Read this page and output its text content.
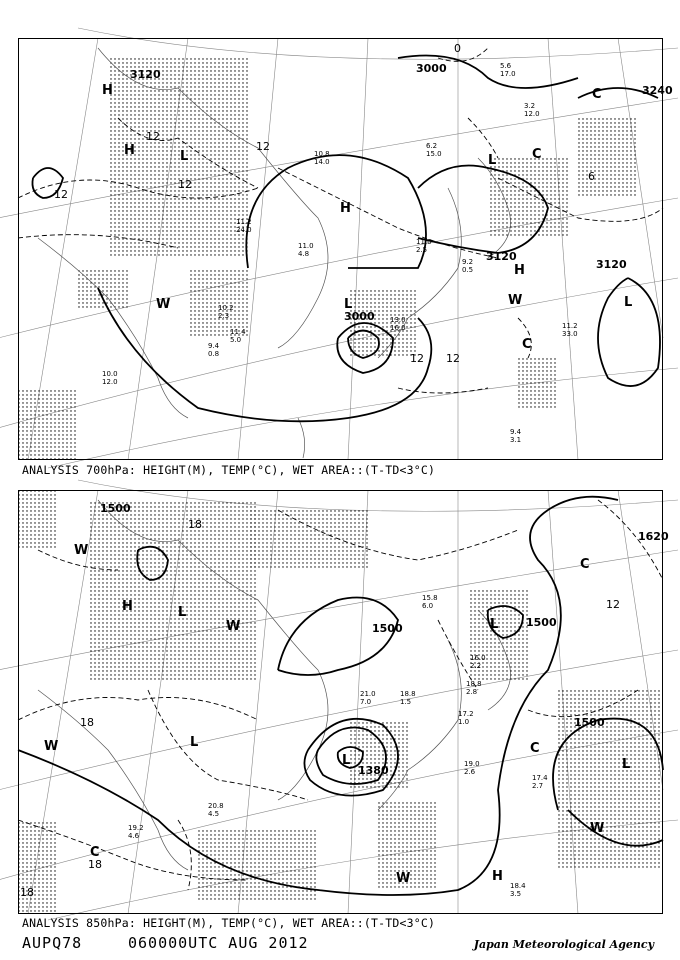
3120
3120
3120
3000
3000
3240
12
12
12
12
12 12
6
0
H
H
H
H
L	L
L	L
W	W
C
C
C
10.8
14.0
11.2
24.0
11.0
4.8
13.0
16.0
11.4
5.0
11.2
33.0
9.4
3.1
10.0
12.0
9.2
0.5
6.2
15.0
11.0
2.5
10.2
2.3
9.4
0.8
5.6
17.0
3.2
12.0
ANALYSIS 700hPa: HEIGHT(M), TEMP(°C), WET AREA::(T-TD<3°C)
1500
1500	1500
1500
1620
1380
18
18
18
12
18
H
H
L
L
L
L	L
W
W
W
W
W
C
C
C
15.8
6.0
18.8
1.5
17.2
1.0
19.0
2.6
17.4
2.7
18.4
3.5
20.8
4.5
19.2
4.6
21.0
7.0
16.0
2.2
18.8
2.8
ANALYSIS 850hPa: HEIGHT(M), TEMP(°C), WET AREA::(T-TD<3°C)
AUPQ78	060000UTC AUG 2012	Japan Meteorological Agency
